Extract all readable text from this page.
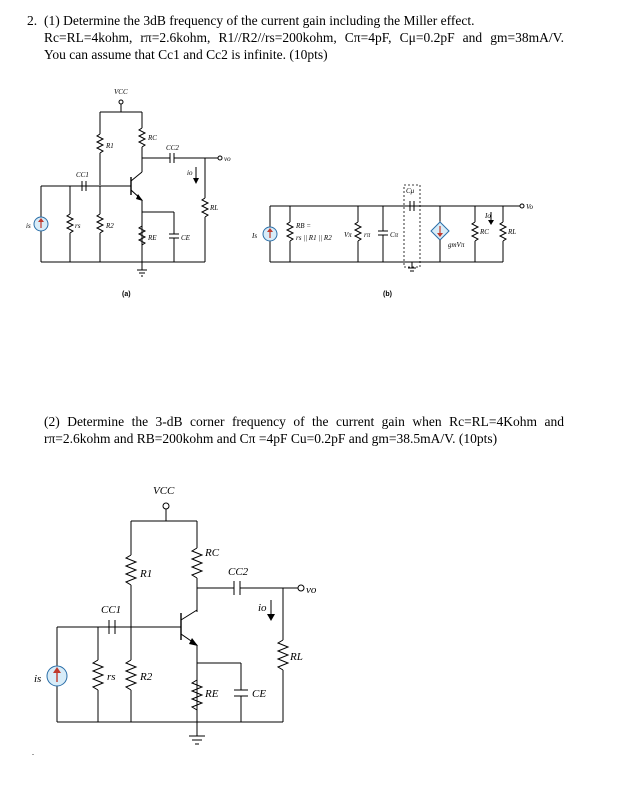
2. (1) Determine the 3dB frequency of the current gain including the Miller effect.
Rc=RL=4kohm, rπ=2.6kohm, R1//R2//rs=200kohm, Cπ=4pF, Cμ=0.2pF and gm=38mA/V.
You can assume that Cc1 and Cc2 is infinite. (10pts)
(2) Determine the 3-dB corner frequency of the current gain when Rc=RL=4Kohm and
rπ=2.6kohm and RB=200kohm and Cπ =4pF Cu=0.2pF and gm=38.5mA/V. (10pts)
VCC
RC
CC2
vo
R1
CC1	io
RL
is	rs	R2
RE	CE
(a)
Cμ
Vo
Is
RB =
rs || R1 || R2 Vπ rπ	Cπ
gmVπ
Io
RC	RL
(b)
VCC
RC
CC2
vo
R1
CC1	io
RL
is	rs R2
RE	CE
.
